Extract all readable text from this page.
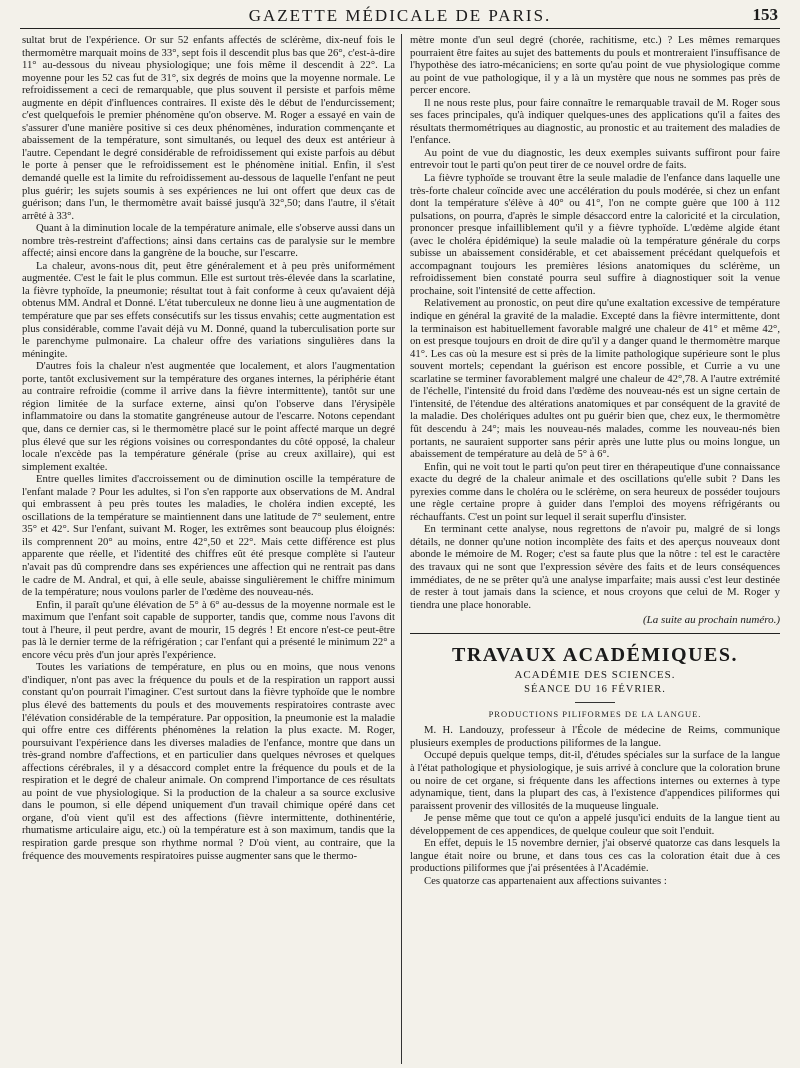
GAZETTE MÉDICALE DE PARIS.	153

sultat brut de l'expérience. Or sur 52 enfants affectés de sclérème, dix-neuf fois le thermomètre marquait moins de 33°, sept fois il descendit plus bas que 26°, c'est-à-dire 11° au-dessous du niveau physiologique; une fois même il descendit à 22°. La moyenne pour les 52 cas fut de 31°, six degrés de moins que la moyenne normale. Le refroidissement a ceci de remarquable, que plus souvent il persiste et parfois même augmente en dépit d'influences contraires. Il existe dès le début de l'endurcissement; c'est quelquefois le premier phénomène qu'on observe. M. Roger a essayé en vain de s'assurer d'une manière positive si ces deux phénomènes, induration commençante et abaissement de la température, sont simultanés, ou lequel des deux est antérieur à l'autre. Cependant le degré considérable de refroidissement qui existe parfois au début le porte à penser que le refroidissement est le phénomène initial. Enfin, il s'est demandé quelle est la limite du refroidissement au-dessous de laquelle l'enfant ne peut plus guérir; les sujets soumis à ses expériences ne lui ont offert que deux cas de guérison; dans l'un, le thermomètre avait baissé jusqu'à 32°,50; dans l'autre, il s'était arrêté à 33°.

Quant à la diminution locale de la température animale, elle s'observe aussi dans un nombre très-restreint d'affections; ainsi dans certains cas de paralysie sur le membre affecté; ainsi encore dans la gangrène de la bouche, sur l'escarre.

La chaleur, avons-nous dit, peut être généralement et à peu près uniformément augmentée. C'est le fait le plus commun. Elle est surtout très-élevée dans la scarlatine, la fièvre typhoïde, la pneumonie; résultat tout à fait conforme à ceux qu'avaient déjà obtenus MM. Andral et Donné. L'état tuberculeux ne donne lieu à une augmentation de température que par ses effets consécutifs sur les tissus envahis; cette augmentation est plus considérable, comme l'avait déjà vu M. Donné, quand la tuberculisation porte sur le parenchyme pulmonaire. La chaleur offre des variations singulières dans la méningite.

D'autres fois la chaleur n'est augmentée que localement, et alors l'augmentation porte, tantôt exclusivement sur la température des organes internes, la périphérie étant au contraire refroidie (comme il arrive dans la fièvre intermittente), tantôt sur une région limitée de la surface externe, ainsi qu'on l'observe dans l'érysipèle inflammatoire ou dans la stomatite gangréneuse autour de l'escarre. Notons cependant que, dans ce dernier cas, si le thermomètre placé sur le point affecté marque un degré plus élevé que sur les régions voisines ou correspondantes du côté opposé, la chaleur locale n'excède pas la température générale (prise au creux axillaire), qui est simplement exaltée.

Entre quelles limites d'accroissement ou de diminution oscille la température de l'enfant malade ? Pour les adultes, si l'on s'en rapporte aux observations de M. Andral qui embrassent à peu près toutes les maladies, le choléra indien excepté, les oscillations de la température se maintiennent dans une latitude de 7° seulement, entre 35° et 42°. Sur l'enfant, suivant M. Roger, les extrêmes sont beaucoup plus éloignés: ils comprennent 20° au moins, entre 42°,50 et 22°. Mais cette différence est plus apparente que réelle, et l'identité des chiffres eût été presque complète si l'auteur n'avait pas dû comprendre dans ses expériences une affection qui ne rentrait pas dans le cadre de M. Andral, et qui, à elle seule, abaisse singulièrement le chiffre minimum de la température; nous voulons parler de l'œdème des nouveau-nés.

Enfin, il paraît qu'une élévation de 5° à 6° au-dessus de la moyenne normale est le maximum que l'enfant soit capable de supporter, tandis que, comme nous l'avons dit tout à l'heure, il peut perdre, avant de mourir, 15 degrés ! Et encore n'est-ce peut-être pas là le dernier terme de la réfrigération ; car l'enfant qui a présenté le minimum 22° a encore vécu près d'un jour après l'expérience.

Toutes les variations de température, en plus ou en moins, que nous venons d'indiquer, n'ont pas avec la fréquence du pouls et de la respiration un rapport aussi constant qu'on pourrait l'imaginer. C'est surtout dans la fièvre typhoïde que le nombre plus élevé des battements du pouls et des mouvements respiratoires contraste avec l'élévation considérable de la température. Par opposition, la pneumonie est la maladie qui offre entre ces différents phénomènes la relation la plus exacte. M. Roger, poursuivant l'expérience dans les diverses maladies de l'enfance, montre que dans un très-grand nombre d'affections, et en particulier dans quelques névroses et quelques affections cérébrales, il y a désaccord complet entre la fréquence du pouls et de la respiration et le degré de chaleur animale. On comprend l'importance de ces résultats au point de vue physiologique. Si la production de la chaleur a sa source exclusive dans le poumon, si elle dépend uniquement d'un travail chimique opéré dans cet organe, d'où vient qu'il est des affections (fièvre intermittente, dothinentérie, rhumatisme articulaire aigu, etc.) où la température est à son maximum, tandis que la respiration garde presque son rhythme normal ? D'où vient, au contraire, que la fréquence des mouvements respiratoires puisse augmenter sans que le thermo-

mètre monte d'un seul degré (chorée, rachitisme, etc.) ? Les mêmes remarques pourraient être faites au sujet des battements du pouls et montreraient l'insuffisance de l'hypothèse des iatro-mécaniciens; en sorte qu'au point de vue physiologique comme au point de vue pathologique, il y a là un mystère que nous ne sommes pas près de percer encore.

Il ne nous reste plus, pour faire connaître le remarquable travail de M. Roger sous ses faces principales, qu'à indiquer quelques-unes des applications qu'il a faites des résultats thermométriques au diagnostic, au pronostic et au traitement des maladies de l'enfance.

Au point de vue du diagnostic, les deux exemples suivants suffiront pour faire entrevoir tout le parti qu'on peut tirer de ce nouvel ordre de faits.

La fièvre typhoïde se trouvant être la seule maladie de l'enfance dans laquelle une très-forte chaleur coïncide avec une accélération du pouls modérée, si chez un enfant dont la température s'élève à 40° ou 41°, l'on ne compte guère que 100 à 112 pulsations, on pourra, d'après le simple désaccord entre la caloricité et la circulation, prononcer presque infailliblement qu'il y a fièvre typhoïde. L'œdème algide étant (avec le choléra épidémique) la seule maladie où la température générale du corps subisse un abaissement considérable, et cet abaissement précédant quelquefois et accompagnant toujours les premières lésions anatomiques du sclérème, un refroidissement bien constaté pourra seul suffire à diagnostiquer soit la venue prochaine, soit l'intensité de cette affection.

Relativement au pronostic, on peut dire qu'une exaltation excessive de température indique en général la gravité de la maladie. Excepté dans la fièvre intermittente, dont la terminaison est habituellement favorable malgré une chaleur de 41° et même 42°, on est presque toujours en droit de dire qu'il y a danger quand le thermomètre marque 41°. Les cas où la mesure est si près de la limite pathologique supérieure sont le plus souvent mortels; cependant la guérison est encore possible, et Currie a vu une scarlatine se terminer favorablement malgré une chaleur de 42°,78. A l'autre extrémité de l'échelle, l'intensité du froid dans l'œdème des nouveau-nés est un signe certain de l'intensité, de l'étendue des altérations anatomiques et par conséquent de la gravité de la maladie. Des cholériques adultes ont pu guérir bien que, chez eux, le thermomètre fût descendu à 24°; mais les nouveau-nés malades, comme les nouveau-nés bien portants, ne sauraient supporter sans périr après une lutte plus ou moins longue, un abaissement de température au delà de 5° à 6°.

Enfin, qui ne voit tout le parti qu'on peut tirer en thérapeutique d'une connaissance exacte du degré de la chaleur animale et des oscillations qu'elle subit ? Dans les pyrexies comme dans le choléra ou le sclérème, on sera heureux de posséder toujours une règle certaine propre à guider dans l'emploi des moyens réfrigérants ou réchauffants. C'est un point sur lequel il serait superflu d'insister.

En terminant cette analyse, nous regrettons de n'avoir pu, malgré de si longs détails, ne donner qu'une notion incomplète des faits et des aperçus nouveaux dont abonde le mémoire de M. Roger; c'est sa faute plus que la nôtre : tel est le caractère des travaux qui ne sont que l'expression sévère des faits et de leurs conséquences immédiates, de ne se prêter qu'à une analyse imparfaite; mais aussi c'est leur destinée de rester à tout jamais dans la science, et nous croyons que celui de M. Roger y tiendra une place honorable.

(La suite au prochain numéro.)
TRAVAUX ACADÉMIQUES.
ACADÉMIE DES SCIENCES.
SÉANCE DU 16 FÉVRIER.
PRODUCTIONS PILIFORMES DE LA LANGUE.

M. H. Landouzy, professeur à l'École de médecine de Reims, communique plusieurs exemples de productions piliformes de la langue.

Occupé depuis quelque temps, dit-il, d'études spéciales sur la surface de la langue à l'état pathologique et physiologique, je suis arrivé à conclure que la coloration brune ou noire de cet organe, si fréquente dans les affections internes ou externes à type adynamique, tient, dans la plupart des cas, à l'existence d'appendices piliformes qui paraissent provenir des villosités de la muqueuse linguale.

Je pense même que tout ce qu'on a appelé jusqu'ici enduits de la langue tient au développement de ces appendices, de quelque couleur que soit l'enduit.

En effet, depuis le 15 novembre dernier, j'ai observé quatorze cas dans lesquels la langue était noire ou brune, et dans tous ces cas la coloration était due à ces productions piliformes que j'ai présentées à l'Académie.

Ces quatorze cas appartenaient aux affections suivantes :
